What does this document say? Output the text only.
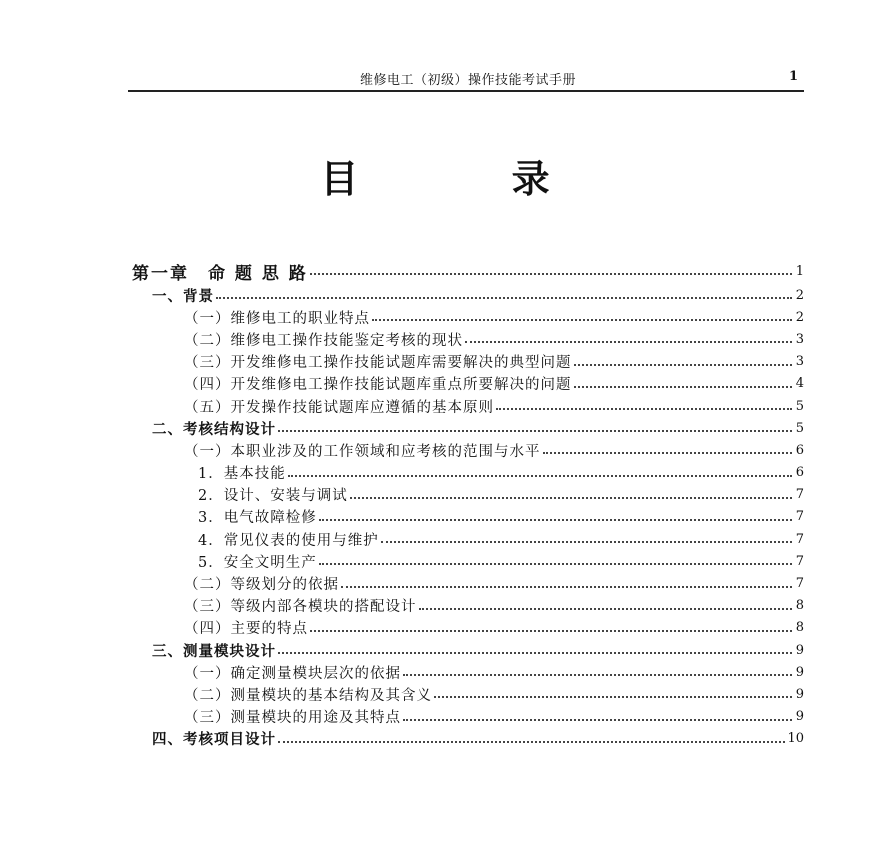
维修电工（初级）操作技能考试手册	1
目 录
第一章　命 题 思 路	1
一、背景	2
（一）维修电工的职业特点	2
（二）维修电工操作技能鉴定考核的现状	3
（三）开发维修电工操作技能试题库需要解决的典型问题	3
（四）开发维修电工操作技能试题库重点所要解决的问题	4
（五）开发操作技能试题库应遵循的基本原则	5
二、考核结构设计	5
（一）本职业涉及的工作领域和应考核的范围与水平	6
1．基本技能	6
2．设计、安装与调试	7
3．电气故障检修	7
4．常见仪表的使用与维护	7
5．安全文明生产	7
（二）等级划分的依据	7
（三）等级内部各模块的搭配设计	8
（四）主要的特点	8
三、测量模块设计	9
（一）确定测量模块层次的依据	9
（二）测量模块的基本结构及其含义	9
（三）测量模块的用途及其特点	9
四、考核项目设计	10
